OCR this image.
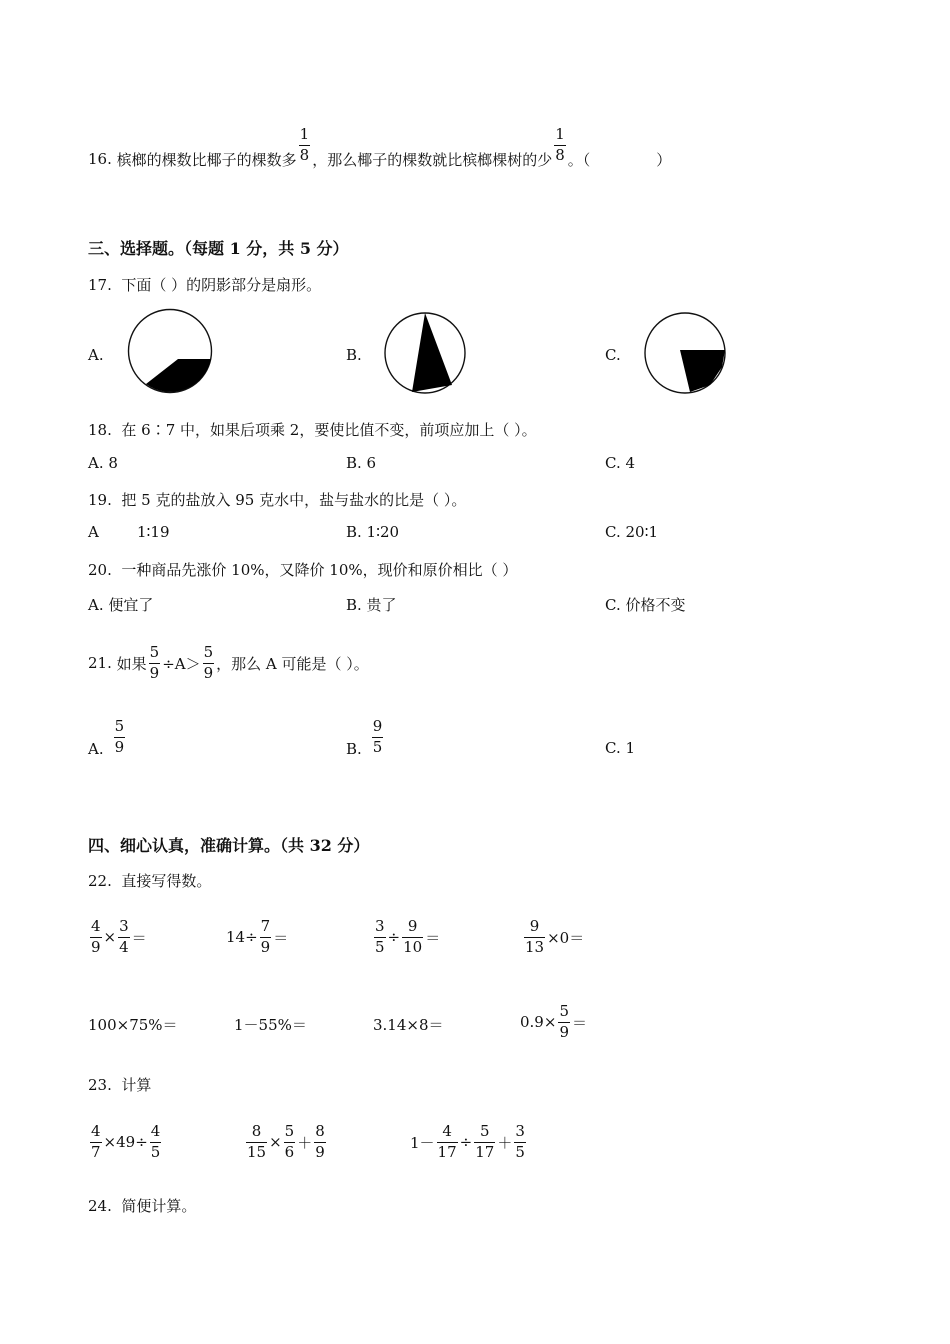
16.
槟榔的棵数比椰子的棵数多 $\frac{1}{8}$ ，那么椰子的棵数就比槟榔棵树的少 $\frac{1}{8}$ 。（	）
三、选择题。（每题 1 分，共 5 分）
17. 下面（ ）的阴影部分是扇形。
A.	B.	C.
18. 在 6∶7 中，如果后项乘 2，要使比值不变，前项应加上（ ）。
A. 8	B. 6	C. 4
19. 把 5 克的盐放入 95 克水中，盐与盐水的比是（ ）。
A        1∶19	B. 1∶20	C. 20∶1
20. 一种商品先涨价 10%，又降价 10%，现价和原价相比（ ）
A. 便宜了	B. 贵了	C. 价格不变
21.
如果 $\frac{5}{9} \div A> \frac{5}{9}$ ，那么 A 可能是（ ）。
A. $\frac{5}{9}$	B. $\frac{9}{5}$	C. 1
四、细心认真，准确计算。（共 32 分）
22. 直接写得数。
$\frac{4}{9} \times \frac{3}{4}$ ＝	$14\div \frac{7}{9}$ ＝	$\frac{3}{5} \div \frac{9}{10}$ ＝	$\frac{9}{13} \times 0=$
100×75%＝	1－55%＝	3.14×8＝	$0.9\times \frac{5}{9}$ ＝
23. 计算
$\frac{4}{7} \times 49\div \frac{4}{5}$	$\frac{8}{15} \times \frac{5}{6} + \frac{8}{9}$	$1- \frac{4}{17} \div \frac{5}{17} + \frac{3}{5}$
24. 简便计算。
